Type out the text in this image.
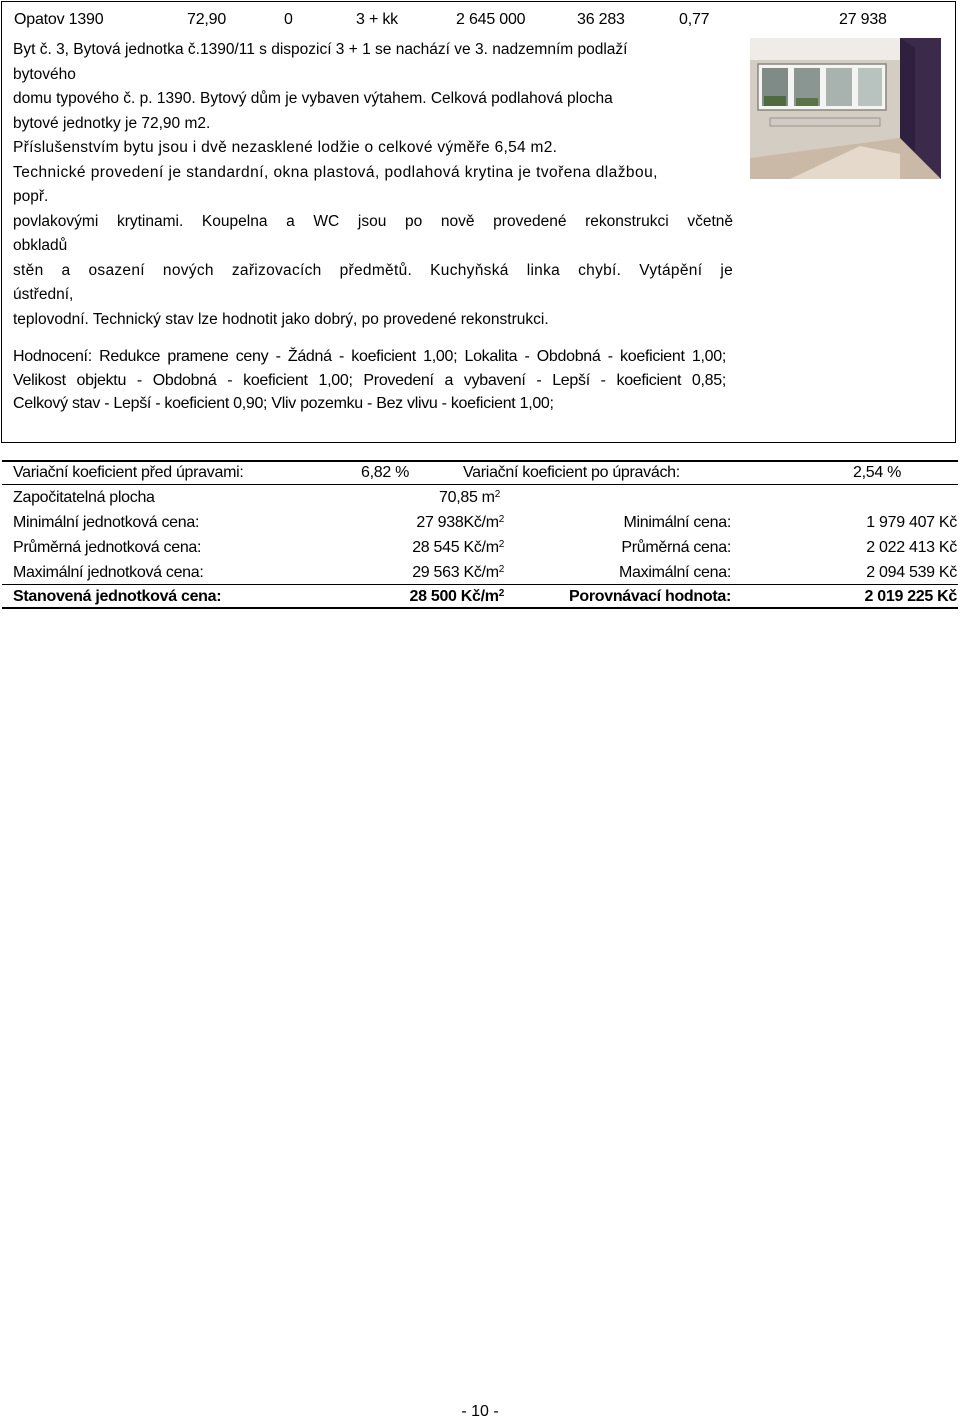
Opatov 1390	72,90	0	3 + kk	2 645 000	36 283	0,77	27 938
Byt č. 3, Bytová jednotka č.1390/11 s dispozicí 3 + 1 se nachází ve 3. nadzemním podlaží
bytového
domu typového č. p. 1390. Bytový dům je vybaven výtahem. Celková podlahová plocha
bytové jednotky je 72,90 m2.
Příslušenstvím bytu jsou i dvě nezasklené lodžie o celkové výměře 6,54 m2.
Technické provedení je standardní, okna plastová, podlahová krytina je tvořena dlažbou,
popř.
povlakovými krytinami. Koupelna a WC jsou po nově provedené rekonstrukci včetně
obkladů
stěn a osazení nových zařizovacích předmětů. Kuchyňská linka chybí. Vytápění je
ústřední,
teplovodní. Technický stav lze hodnotit jako dobrý, po provedené rekonstrukci.
Hodnocení: Redukce pramene ceny - Žádná - koeficient 1,00; Lokalita - Obdobná - koeficient 1,00;
Velikost objektu - Obdobná - koeficient 1,00; Provedení a vybavení - Lepší - koeficient 0,85;
Celkový stav - Lepší - koeficient 0,90; Vliv pozemku - Bez vlivu - koeficient 1,00;
Variační koeficient před úpravami:	6,82 %	Variační koeficient po úpravách:	2,54 %
Započitatelná plocha	70,85 $m^2$
Minimální jednotková cena:	27 $938Kč/m^2$	Minimální cena:	1 979 407 Kč
Průměrná jednotková cena:	28 545 $Kč/m^2$	Průměrná cena:	2 022 413 Kč
Maximální jednotková cena:	29 563 $Kč/m^2$	Maximální cena:	2 094 539 Kč
Stanovená jednotková cena:	28 500 $Kč/m^2$	Porovnávací hodnota:	2 019 225 Kč
- 10 -
